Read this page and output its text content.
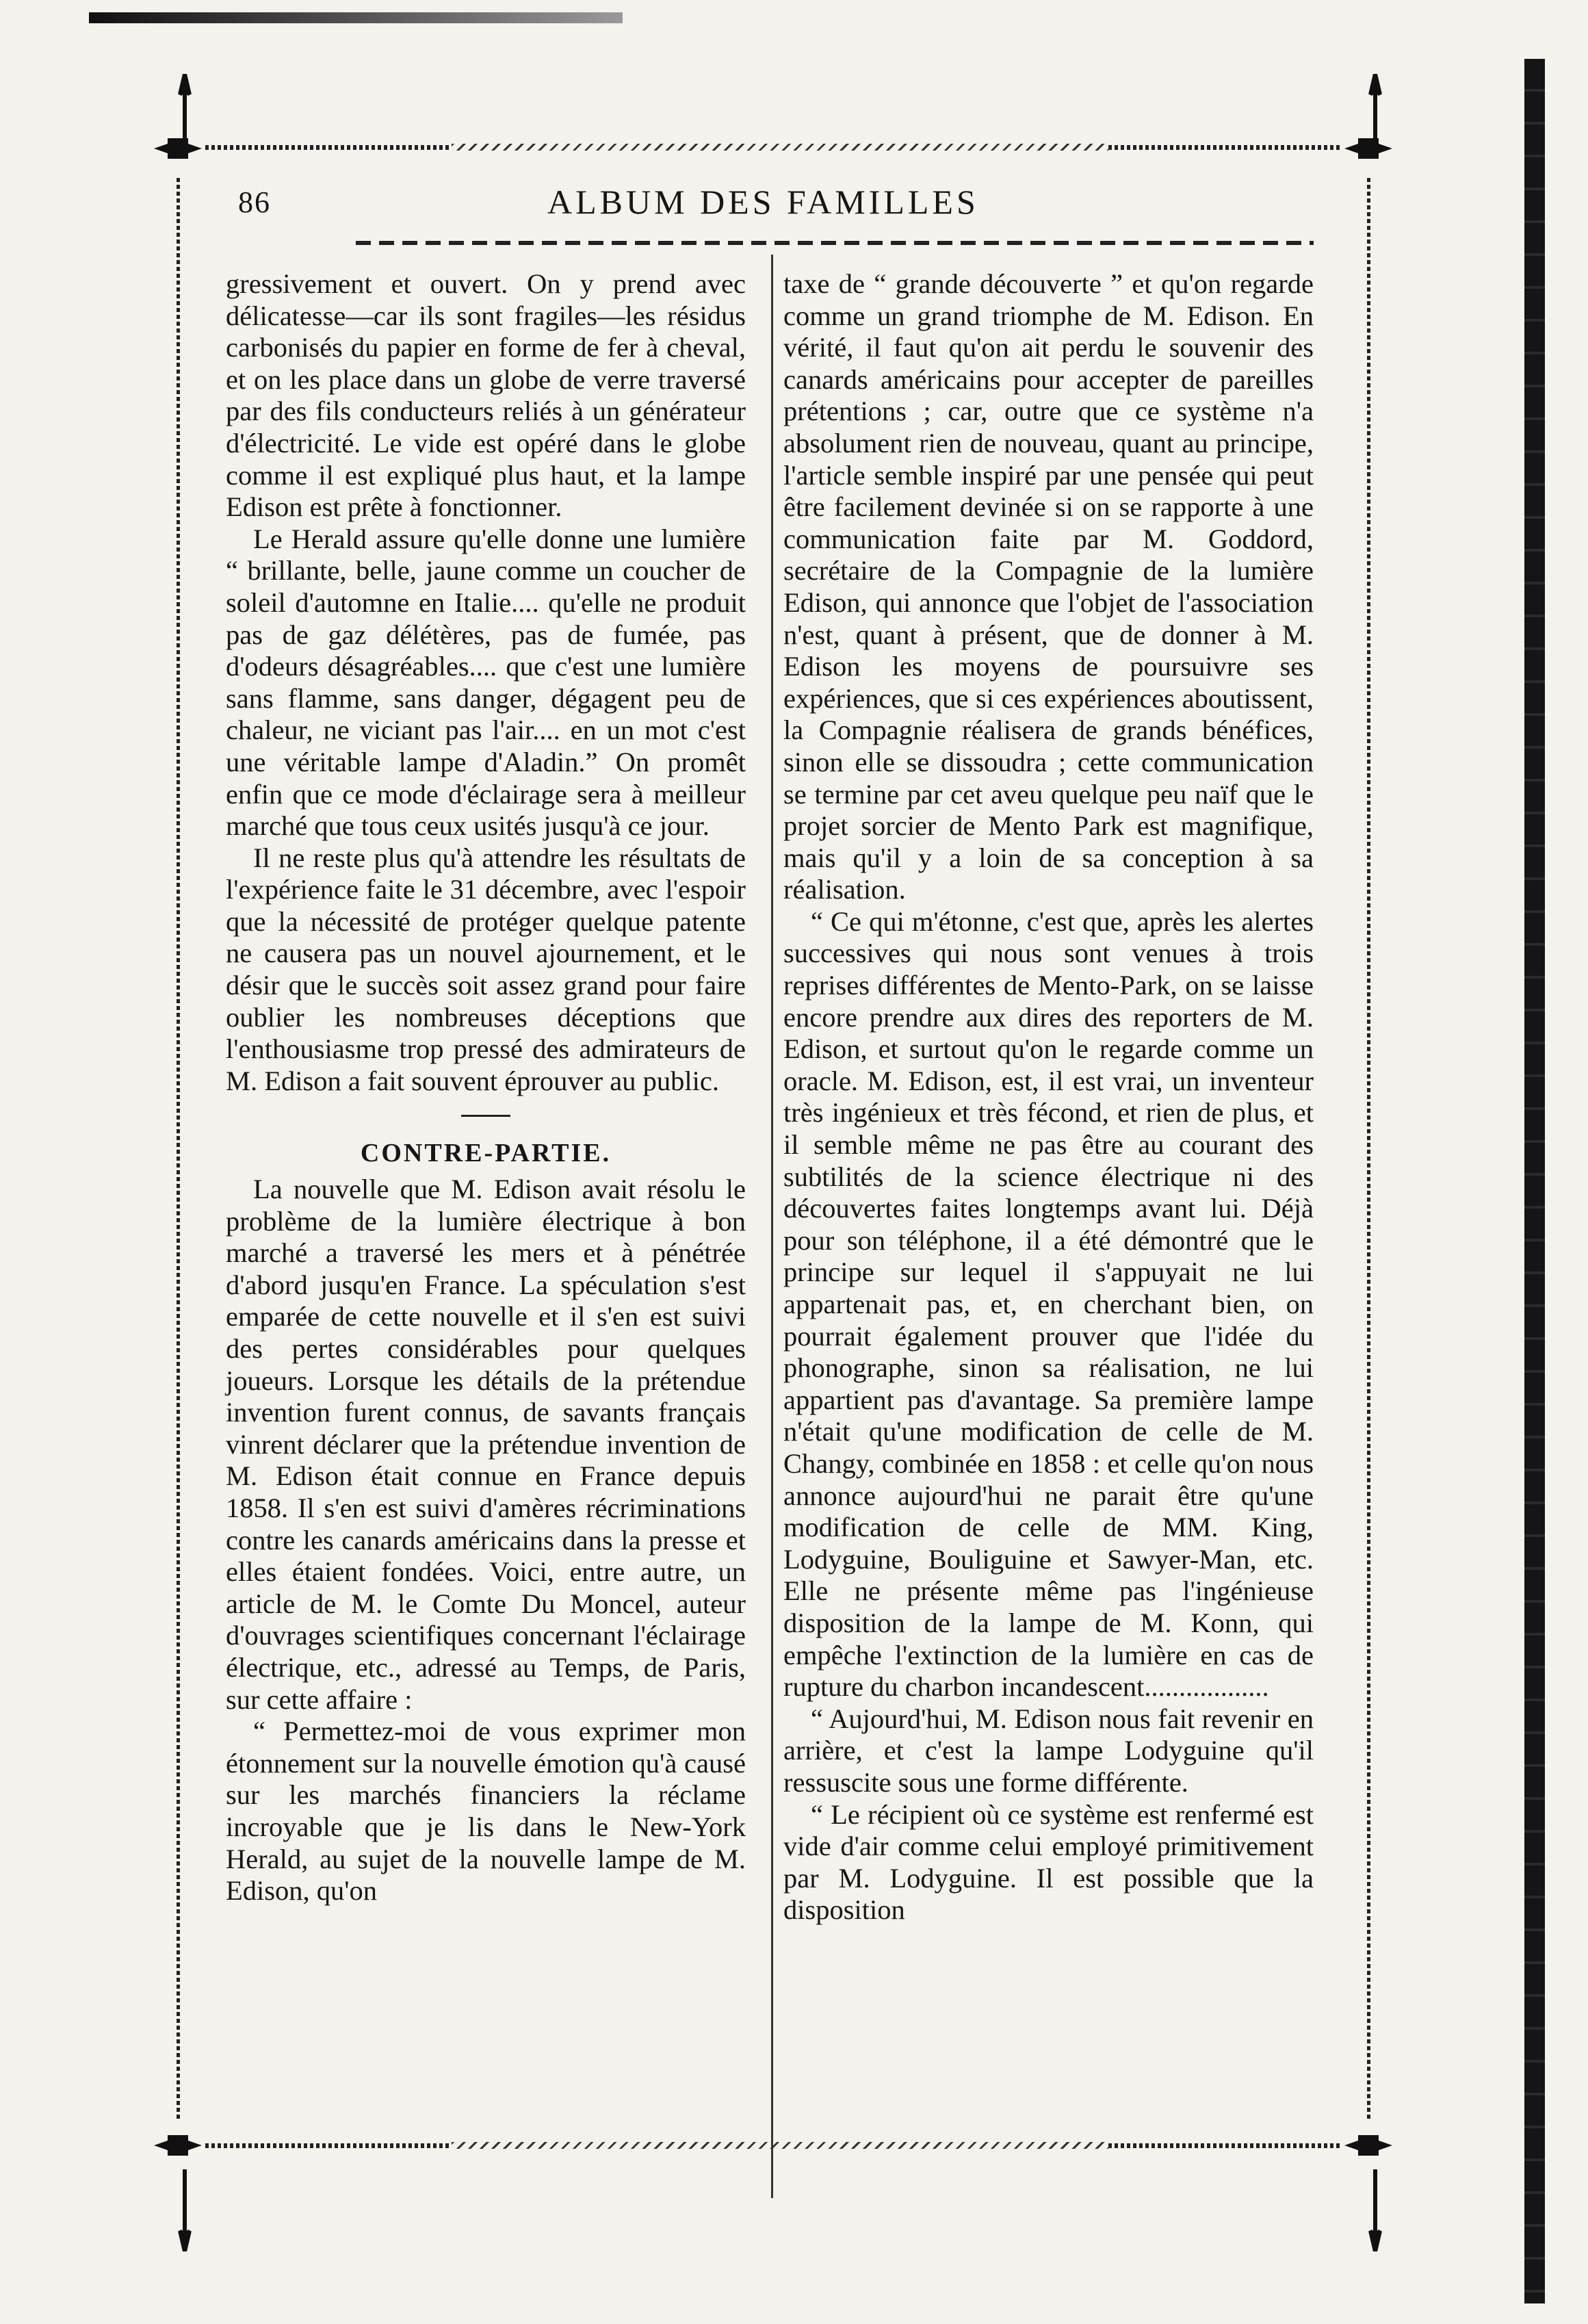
86	ALBUM DES FAMILLES

gressivement et ouvert. On y prend avec délicatesse—car ils sont fragiles—les résidus carbonisés du papier en forme de fer à cheval, et on les place dans un globe de verre traversé par des fils conducteurs reliés à un générateur d'électricité. Le vide est opéré dans le globe comme il est expliqué plus haut, et la lampe Edison est prête à fonctionner.

Le Herald assure qu'elle donne une lumière “ brillante, belle, jaune comme un coucher de soleil d'automne en Italie.... qu'elle ne produit pas de gaz délétères, pas de fumée, pas d'odeurs désagréables.... que c'est une lumière sans flamme, sans danger, dégagent peu de chaleur, ne viciant pas l'air.... en un mot c'est une véritable lampe d'Aladin.” On promêt enfin que ce mode d'éclairage sera à meilleur marché que tous ceux usités jusqu'à ce jour.

Il ne reste plus qu'à attendre les résultats de l'expérience faite le 31 décembre, avec l'espoir que la nécessité de protéger quelque patente ne causera pas un nouvel ajournement, et le désir que le succès soit assez grand pour faire oublier les nombreuses déceptions que l'enthousiasme trop pressé des admirateurs de M. Edison a fait souvent éprouver au public.

CONTRE-PARTIE.

La nouvelle que M. Edison avait résolu le problème de la lumière électrique à bon marché a traversé les mers et à pénétrée d'abord jusqu'en France. La spéculation s'est emparée de cette nouvelle et il s'en est suivi des pertes considérables pour quelques joueurs. Lorsque les détails de la prétendue invention furent connus, de savants français vinrent déclarer que la prétendue invention de M. Edison était connue en France depuis 1858. Il s'en est suivi d'amères récriminations contre les canards américains dans la presse et elles étaient fondées. Voici, entre autre, un article de M. le Comte Du Moncel, auteur d'ouvrages scientifiques concernant l'éclairage électrique, etc., adressé au Temps, de Paris, sur cette affaire :

“ Permettez-moi de vous exprimer mon étonnement sur la nouvelle émotion qu'à causé sur les marchés financiers la réclame incroyable que je lis dans le New-York Herald, au sujet de la nouvelle lampe de M. Edison, qu'on

taxe de “ grande découverte ” et qu'on regarde comme un grand triomphe de M. Edison. En vérité, il faut qu'on ait perdu le souvenir des canards américains pour accepter de pareilles prétentions ; car, outre que ce système n'a absolument rien de nouveau, quant au principe, l'article semble inspiré par une pensée qui peut être facilement devinée si on se rapporte à une communication faite par M. Goddord, secrétaire de la Compagnie de la lumière Edison, qui annonce que l'objet de l'association n'est, quant à présent, que de donner à M. Edison les moyens de poursuivre ses expériences, que si ces expériences aboutissent, la Compagnie réalisera de grands bénéfices, sinon elle se dissoudra ; cette communication se termine par cet aveu quelque peu naïf que le projet sorcier de Mento Park est magnifique, mais qu'il y a loin de sa conception à sa réalisation.

“ Ce qui m'étonne, c'est que, après les alertes successives qui nous sont venues à trois reprises différentes de Mento-Park, on se laisse encore prendre aux dires des reporters de M. Edison, et surtout qu'on le regarde comme un oracle. M. Edison, est, il est vrai, un inventeur très ingénieux et très fécond, et rien de plus, et il semble même ne pas être au courant des subtilités de la science électrique ni des découvertes faites longtemps avant lui. Déjà pour son téléphone, il a été démontré que le principe sur lequel il s'appuyait ne lui appartenait pas, et, en cherchant bien, on pourrait également prouver que l'idée du phonographe, sinon sa réalisation, ne lui appartient pas d'avantage. Sa première lampe n'était qu'une modification de celle de M. Changy, combinée en 1858 : et celle qu'on nous annonce aujourd'hui ne parait être qu'une modification de celle de MM. King, Lodyguine, Bouliguine et Sawyer-Man, etc. Elle ne présente même pas l'ingénieuse disposition de la lampe de M. Konn, qui empêche l'extinction de la lumière en cas de rupture du charbon incandescent..................

“ Aujourd'hui, M. Edison nous fait revenir en arrière, et c'est la lampe Lodyguine qu'il ressuscite sous une forme différente.

“ Le récipient où ce système est renfermé est vide d'air comme celui employé primitivement par M. Lodyguine. Il est possible que la disposition
